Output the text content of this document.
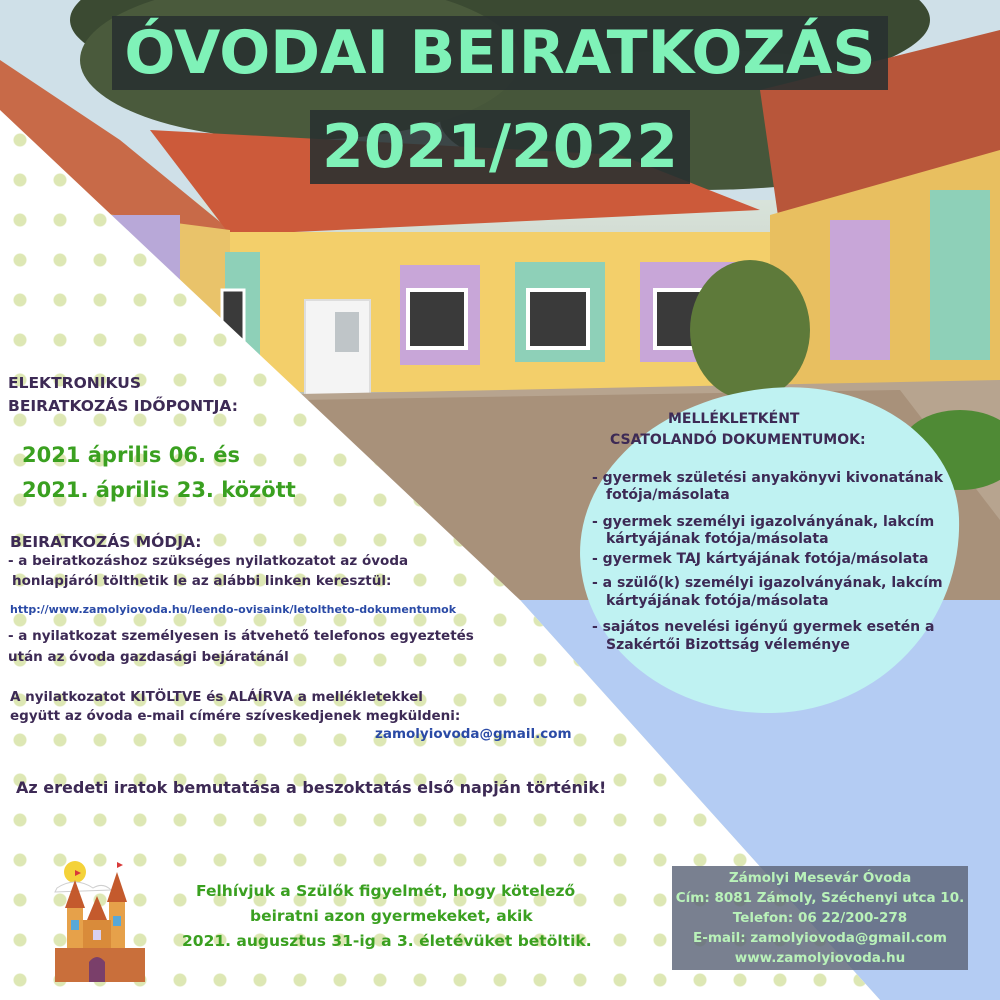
ÓVODAI BEIRATKOZÁS
2021/2022
ELEKTRONIKUS
BEIRATKOZÁS IDŐPONTJA:
2021 április 06. és
2021. április 23. között
BEIRATKOZÁS MÓDJA:
- a beiratkozáshoz szükséges nyilatkozatot az óvoda
honlapjáról tölthetik le az alábbi linken keresztül:
http://www.zamolyiovoda.hu/leendo-ovisaink/letoltheto-dokumentumok
- a nyilatkozat személyesen is átvehető telefonos egyeztetés
után az óvoda gazdasági bejáratánál
A nyilatkozatot KITÖLTVE és ALÁÍRVA a mellékletekkel
együtt az óvoda e-mail címére szíveskedjenek megküldeni:
zamolyiovoda@gmail.com
Az eredeti iratok bemutatása a beszoktatás első napján történik!
MELLÉKLETKÉNT
CSATOLANDÓ DOKUMENTUMOK:
- gyermek születési anyakönyvi kivonatának
fotója/másolata
- gyermek személyi igazolványának, lakcím
kártyájának fotója/másolata
- gyermek TAJ kártyájának fotója/másolata
- a szülő(k) személyi igazolványának, lakcím
kártyájának fotója/másolata
- sajátos nevelési igényű gyermek esetén a
Szakértői Bizottság véleménye
Felhívjuk a Szülők figyelmét, hogy kötelező
beiratni azon gyermekeket, akik
2021. augusztus 31-ig a 3. életévüket betöltik.
Zámolyi Mesevár Óvoda
Cím: 8081 Zámoly, Széchenyi utca 10.
Telefon: 06 22/200-278
E-mail: zamolyiovoda@gmail.com
www.zamolyiovoda.hu
